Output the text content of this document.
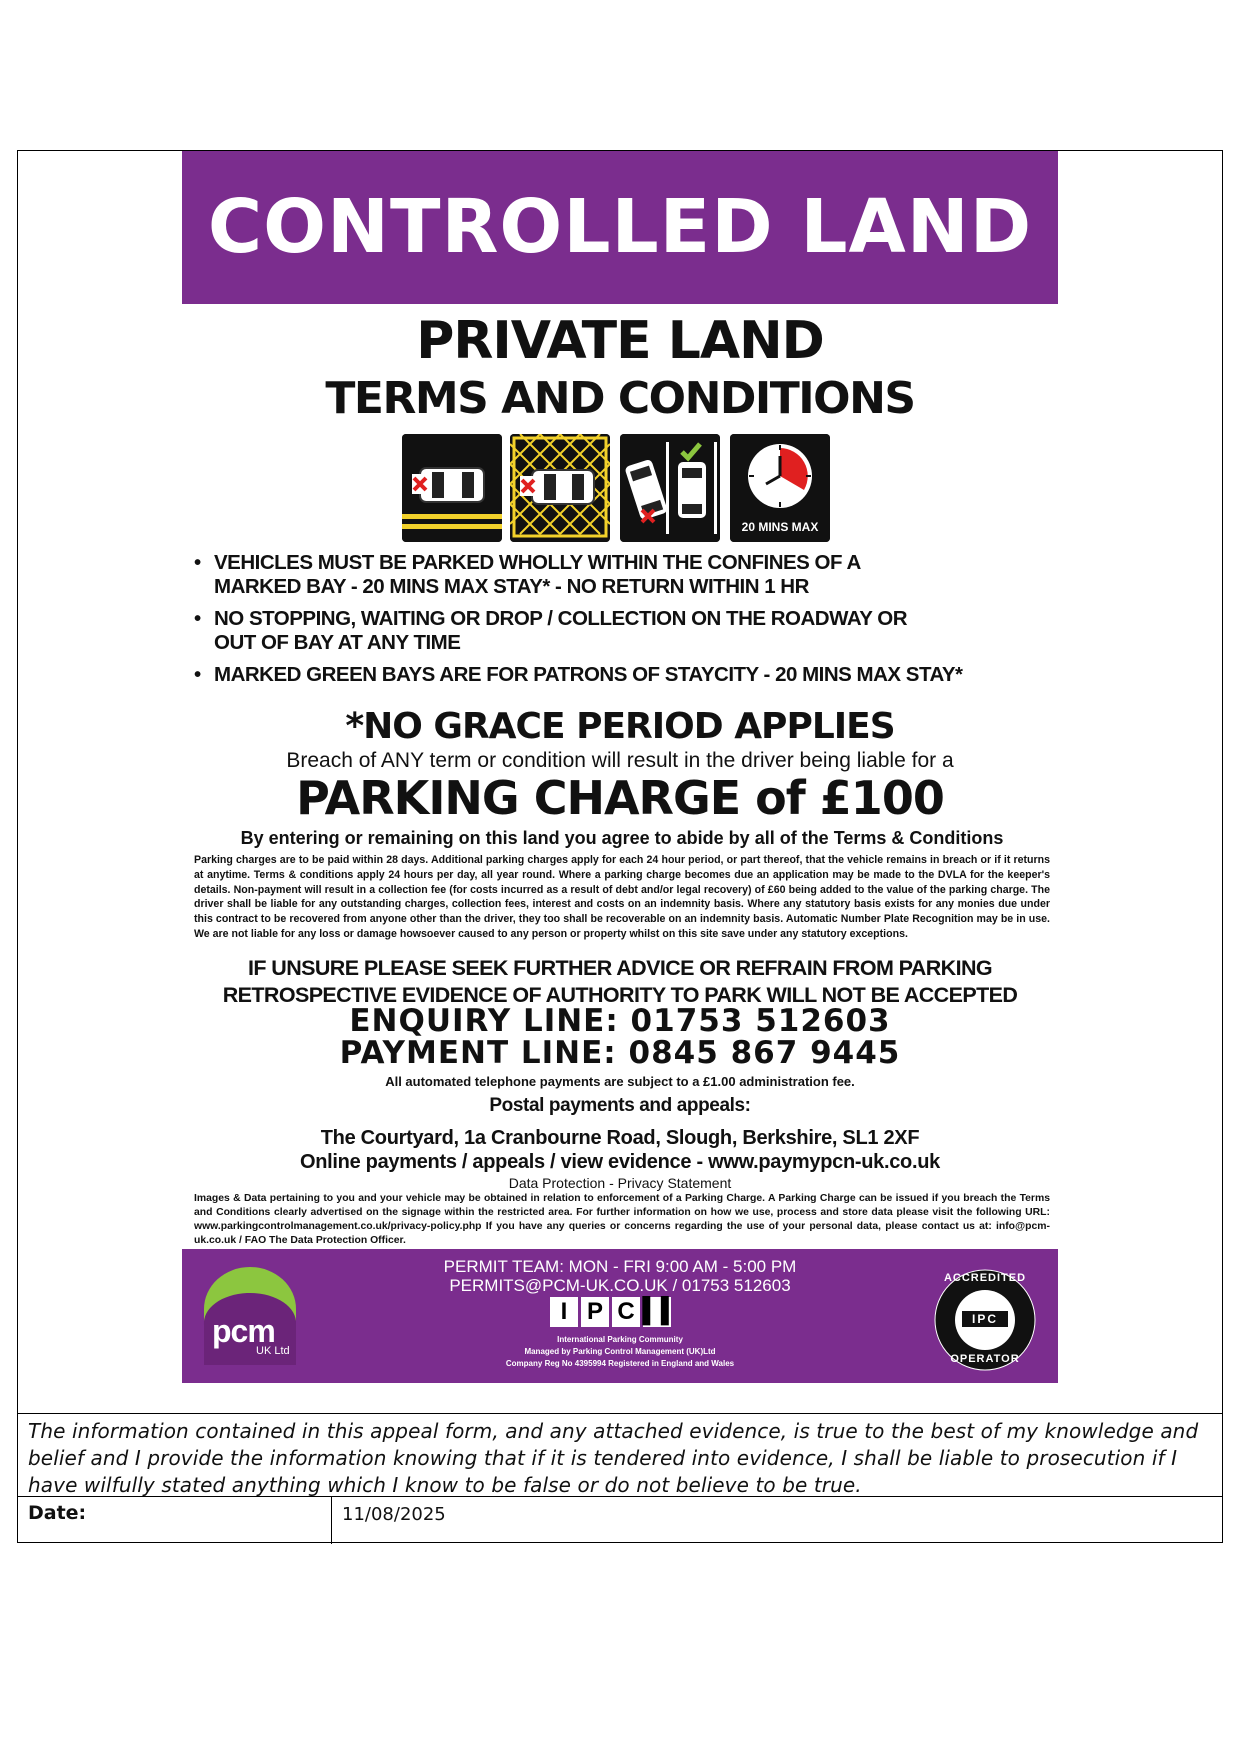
CONTROLLED LAND
PRIVATE LAND
TERMS AND CONDITIONS
20 MINS MAX
• VEHICLES MUST BE PARKED WHOLLY WITHIN THE CONFINES OF A MARKED BAY - 20 MINS MAX STAY* - NO RETURN WITHIN 1 HR
• NO STOPPING, WAITING OR DROP / COLLECTION ON THE ROADWAY OR OUT OF BAY AT ANY TIME
• MARKED GREEN BAYS ARE FOR PATRONS OF STAYCITY - 20 MINS MAX STAY*
*NO GRACE PERIOD APPLIES
Breach of ANY term or condition will result in the driver being liable for a
PARKING CHARGE of £100
By entering or remaining on this land you agree to abide by all of the Terms & Conditions
Parking charges are to be paid within 28 days. Additional parking charges apply for each 24 hour period, or part thereof, that the vehicle remains in breach or if it returns at anytime. Terms & conditions apply 24 hours per day, all year round. Where a parking charge becomes due an application may be made to the DVLA for the keeper's details. Non-payment will result in a collection fee (for costs incurred as a result of debt and/or legal recovery) of £60 being added to the value of the parking charge. The driver shall be liable for any outstanding charges, collection fees, interest and costs on an indemnity basis. Where any statutory basis exists for any monies due under this contract to be recovered from anyone other than the driver, they too shall be recoverable on an indemnity basis. Automatic Number Plate Recognition may be in use. We are not liable for any loss or damage howsoever caused to any person or property whilst on this site save under any statutory exceptions.
IF UNSURE PLEASE SEEK FURTHER ADVICE OR REFRAIN FROM PARKING
RETROSPECTIVE EVIDENCE OF AUTHORITY TO PARK WILL NOT BE ACCEPTED
ENQUIRY LINE: 01753 512603
PAYMENT LINE: 0845 867 9445
All automated telephone payments are subject to a £1.00 administration fee.
Postal payments and appeals:
The Courtyard, 1a Cranbourne Road, Slough, Berkshire, SL1 2XF
Online payments / appeals / view evidence - www.paymypcn-uk.co.uk
Data Protection - Privacy Statement
Images & Data pertaining to you and your vehicle may be obtained in relation to enforcement of a Parking Charge. A Parking Charge can be issued if you breach the Terms and Conditions clearly advertised on the signage within the restricted area. For further information on how we use, process and store data please visit the following URL: www.parkingcontrolmanagement.co.uk/privacy-policy.php If you have any queries or concerns regarding the use of your personal data, please contact us at: info@pcm-uk.co.uk / FAO The Data Protection Officer.
PERMIT TEAM: MON - FRI 9:00 AM - 5:00 PM
PERMITS@PCM-UK.CO.UK / 01753 512603
I P C ▍▍
International Parking Community
Managed by Parking Control Management (UK)Ltd
Company Reg No 4395994 Registered in England and Wales
pcm
UK Ltd
ACCREDITED
OPERATOR
IPC
The information contained in this appeal form, and any attached evidence, is true to the best of my knowledge and belief and I provide the information knowing that if it is tendered into evidence, I shall be liable to prosecution if I have wilfully stated anything which I know to be false or do not believe to be true.
Date:	11/08/2025
